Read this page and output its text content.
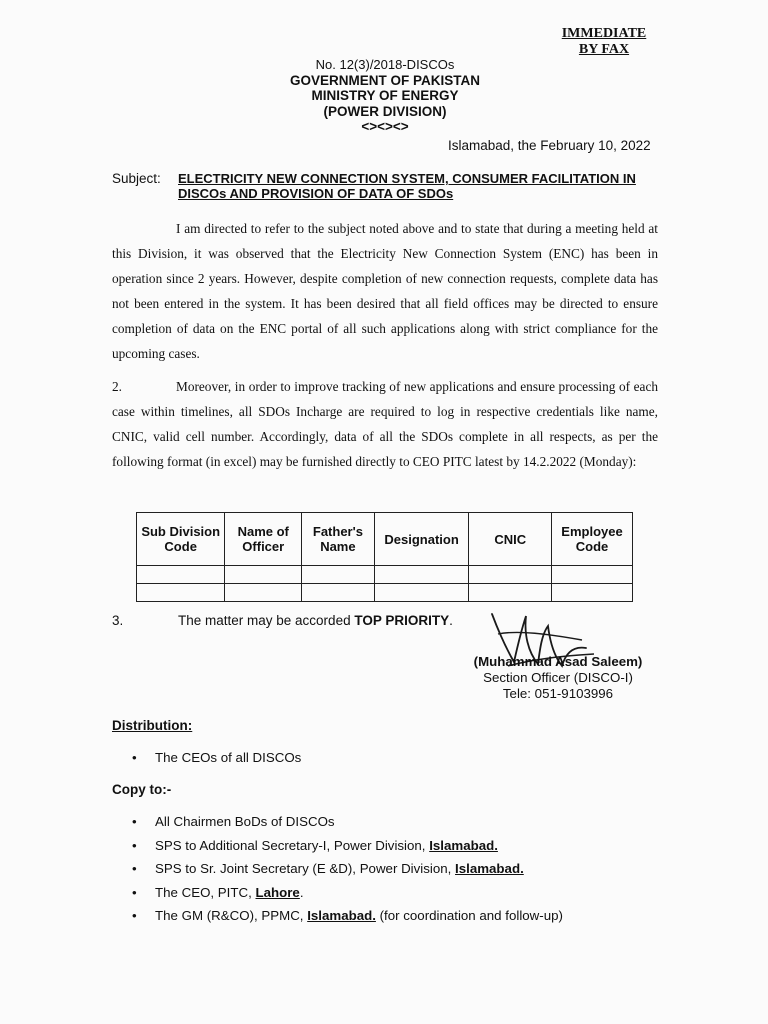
IMMEDIATE
BY FAX
No. 12(3)/2018-DISCOs
GOVERNMENT OF PAKISTAN
MINISTRY OF ENERGY
(POWER DIVISION)
<><><>
Islamabad, the February 10, 2022
Subject: ELECTRICITY NEW CONNECTION SYSTEM, CONSUMER FACILITATION IN DISCOs AND PROVISION OF DATA OF SDOs
I am directed to refer to the subject noted above and to state that during a meeting held at this Division, it was observed that the Electricity New Connection System (ENC) has been in operation since 2 years. However, despite completion of new connection requests, complete data has not been entered in the system. It has been desired that all field offices may be directed to ensure completion of data on the ENC portal of all such applications along with strict compliance for the upcoming cases.
2.	Moreover, in order to improve tracking of new applications and ensure processing of each case within timelines, all SDOs Incharge are required to log in respective credentials like name, CNIC, valid cell number. Accordingly, data of all the SDOs complete in all respects, as per the following format (in excel) may be furnished directly to CEO PITC latest by 14.2.2022 (Monday):
Sub Division Code	Name of Officer	Father's Name	Designation	CNIC	Employee Code

3.	The matter may be accorded TOP PRIORITY.
(Muhammad Asad Saleem)
Section Officer (DISCO-I)
Tele: 051-9103996
Distribution:
• The CEOs of all DISCOs
Copy to:-
• All Chairmen BoDs of DISCOs
• SPS to Additional Secretary-I, Power Division, Islamabad.
• SPS to Sr. Joint Secretary (E &D), Power Division, Islamabad.
• The CEO, PITC, Lahore.
• The GM (R&CO), PPMC, Islamabad. (for coordination and follow-up)
